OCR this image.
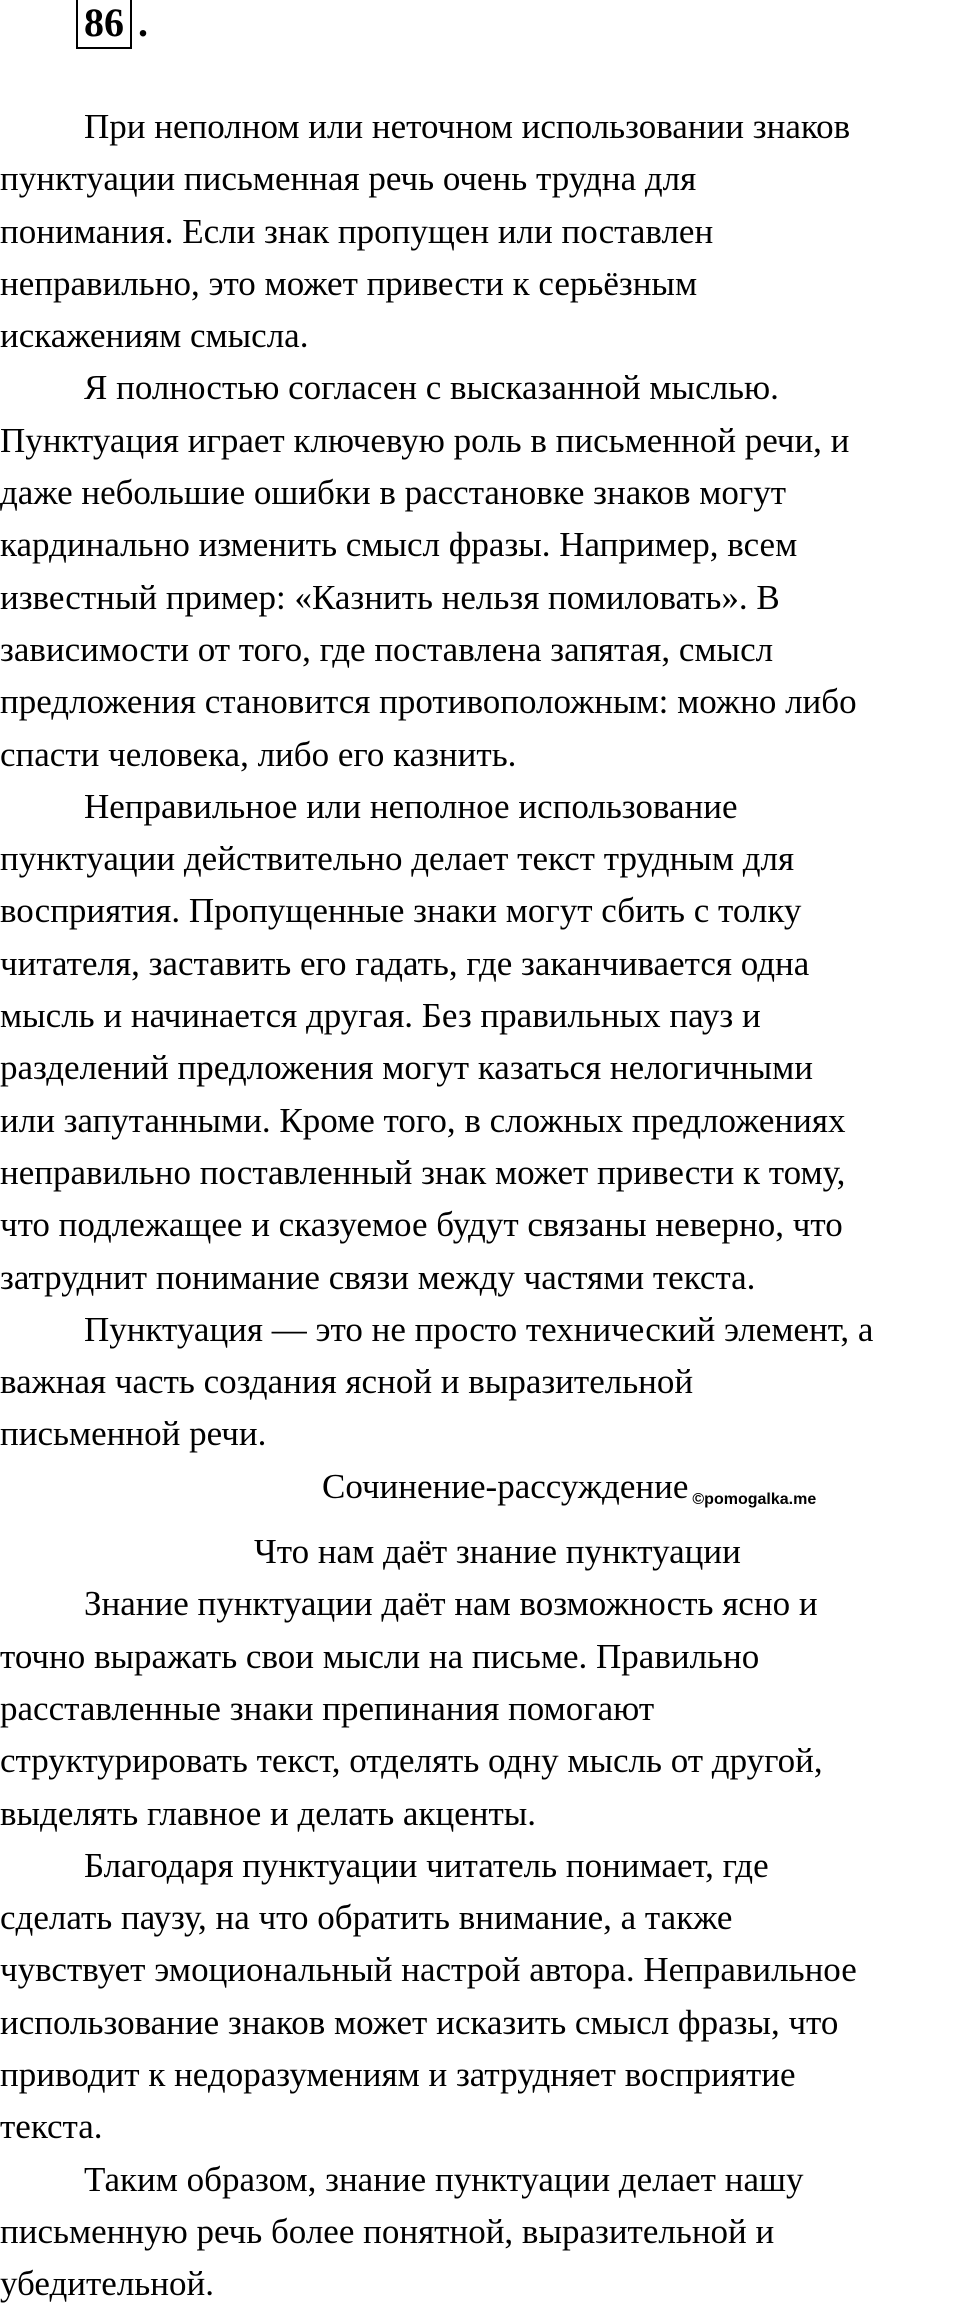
86 .
При неполном или неточном использовании знаков
пунктуации письменная речь очень трудна для
понимания. Если знак пропущен или поставлен
неправильно, это может привести к серьёзным
искажениям смысла.
Я полностью согласен с высказанной мыслью.
Пунктуация играет ключевую роль в письменной речи, и
даже небольшие ошибки в расстановке знаков могут
кардинально изменить смысл фразы. Например, всем
известный пример: «Казнить нельзя помиловать». В
зависимости от того, где поставлена запятая, смысл
предложения становится противоположным: можно либо
спасти человека, либо его казнить.
Неправильное или неполное использование
пунктуации действительно делает текст трудным для
восприятия. Пропущенные знаки могут сбить с толку
читателя, заставить его гадать, где заканчивается одна
мысль и начинается другая. Без правильных пауз и
разделений предложения могут казаться нелогичными
или запутанными. Кроме того, в сложных предложениях
неправильно поставленный знак может привести к тому,
что подлежащее и сказуемое будут связаны неверно, что
затруднит понимание связи между частями текста.
Пунктуация — это не просто технический элемент, а
важная часть создания ясной и выразительной
письменной речи.
Сочинение-рассуждение ©pomogalka.me
Что нам даёт знание пунктуации
Знание пунктуации даёт нам возможность ясно и
точно выражать свои мысли на письме. Правильно
расставленные знаки препинания помогают
структурировать текст, отделять одну мысль от другой,
выделять главное и делать акценты.
Благодаря пунктуации читатель понимает, где
сделать паузу, на что обратить внимание, а также
чувствует эмоциональный настрой автора. Неправильное
использование знаков может исказить смысл фразы, что
приводит к недоразумениям и затрудняет восприятие
текста.
Таким образом, знание пунктуации делает нашу
письменную речь более понятной, выразительной и
убедительной.
